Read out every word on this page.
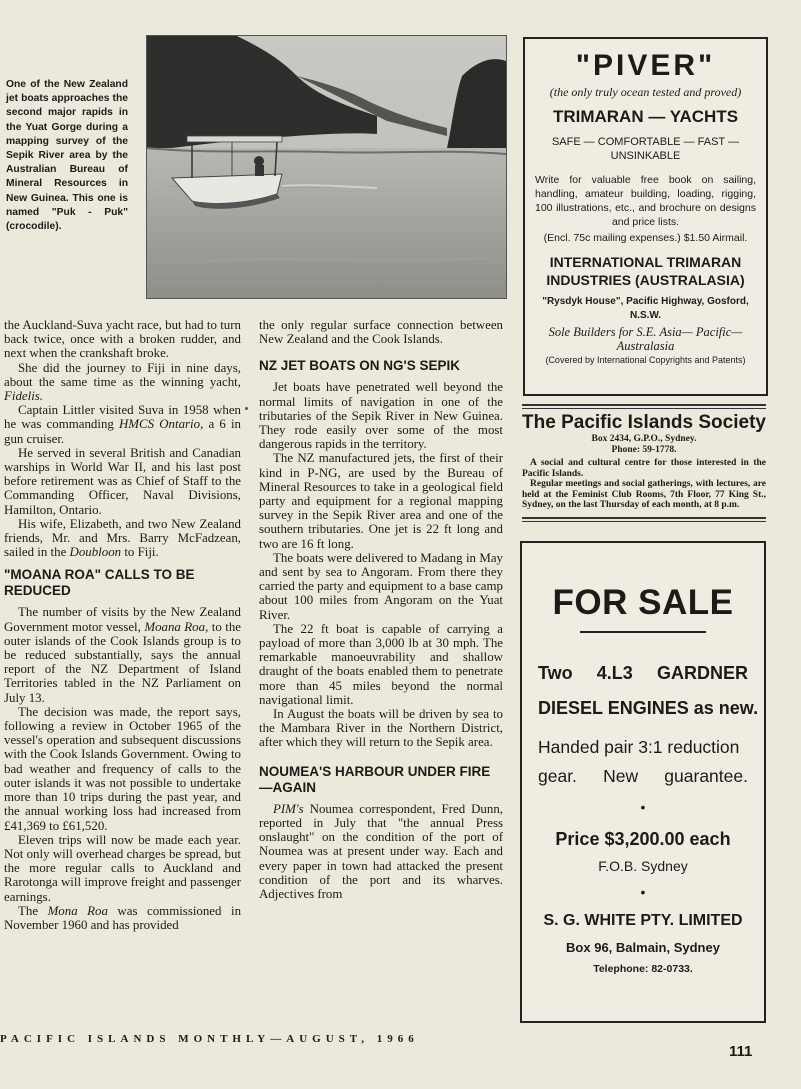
One of the New Zealand jet boats approaches the second major rapids in the Yuat Gorge during a mapping survey of the Sepik River area by the Australian Bureau of Mineral Resources in New Guinea. This one is named "Puk - Puk" (crocodile).

the Auckland-Suva yacht race, but had to turn back twice, once with a broken rudder, and next when the crankshaft broke.

She did the journey to Fiji in nine days, about the same time as the winning yacht, Fidelis.

Captain Littler visited Suva in 1958 when he was commanding HMCS Ontario, a 6 in gun cruiser.

He served in several British and Canadian warships in World War II, and his last post before retirement was as Chief of Staff to the Commanding Officer, Naval Divisions, Hamilton, Ontario.

His wife, Elizabeth, and two New Zealand friends, Mr. and Mrs. Barry McFadzean, sailed in the Doubloon to Fiji.

"MOANA ROA" CALLS TO BE REDUCED

The number of visits by the New Zealand Government motor vessel, Moana Roa, to the outer islands of the Cook Islands group is to be reduced substantially, says the annual report of the NZ Department of Island Territories tabled in the NZ Parliament on July 13.

The decision was made, the report says, following a review in October 1965 of the vessel's operation and subsequent discussions with the Cook Islands Government. Owing to bad weather and frequency of calls to the outer islands it was not possible to undertake more than 10 trips during the past year, and the annual working loss had increased from £41,369 to £61,520.

Eleven trips will now be made each year. Not only will overhead charges be spread, but the more regular calls to Auckland and Rarotonga will improve freight and passenger earnings.

The Mona Roa was commissioned in November 1960 and has provided

the only regular surface connection between New Zealand and the Cook Islands.

NZ JET BOATS ON NG'S SEPIK

Jet boats have penetrated well beyond the normal limits of navigation in one of the tributaries of the Sepik River in New Guinea. They rode easily over some of the most dangerous rapids in the territory.

The NZ manufactured jets, the first of their kind in P-NG, are used by the Bureau of Mineral Resources to take in a geological field party and equipment for a regional mapping survey in the Sepik River area and one of the southern tributaries. One jet is 22 ft long and two are 16 ft long.

The boats were delivered to Madang in May and sent by sea to Angoram. From there they carried the party and equipment to a base camp about 100 miles from Angoram on the Yuat River.

The 22 ft boat is capable of carrying a payload of more than 3,000 lb at 30 mph. The remarkable manoeuvrability and shallow draught of the boats enabled them to penetrate more than 45 miles beyond the normal navigational limit.

In August the boats will be driven by sea to the Mambara River in the Northern District, after which they will return to the Sepik area.

NOUMEA'S HARBOUR UNDER FIRE—AGAIN

PIM's Noumea correspondent, Fred Dunn, reported in July that "the annual Press onslaught" on the condition of the port of Noumea was at present under way. Each and every paper in town had attacked the present condition of the port and its wharves. Adjectives from

"PIVER"
(the only truly ocean tested and proved)
TRIMARAN — YACHTS
SAFE — COMFORTABLE — FAST — UNSINKABLE
Write for valuable free book on sailing, handling, amateur building, loading, rigging, 100 illustrations, etc., and brochure on designs and price lists.
(Encl. 75c mailing expenses.) $1.50 Airmail.
INTERNATIONAL TRIMARAN INDUSTRIES (AUSTRALASIA)
"Rysdyk House", Pacific Highway, Gosford, N.S.W.
Sole Builders for S.E. Asia— Pacific—Australasia
(Covered by International Copyrights and Patents)
The Pacific Islands Society
Box 2434, G.P.O., Sydney.
Phone: 59-1778.

A social and cultural centre for those interested in the Pacific Islands.

Regular meetings and social gatherings, with lectures, are held at the Feminist Club Rooms, 7th Floor, 77 King St., Sydney, on the last Thursday of each month, at 8 p.m.

FOR SALE
Two 4.L3 GARDNER
DIESEL ENGINES as new.
Handed pair 3:1 reduction
gear. New guarantee.
•
Price $3,200.00 each
F.O.B. Sydney
•
S. G. WHITE PTY. LIMITED
Box 96, Balmain, Sydney
Telephone: 82-0733.
PACIFIC ISLANDS MONTHLY—AUGUST, 1966
111
